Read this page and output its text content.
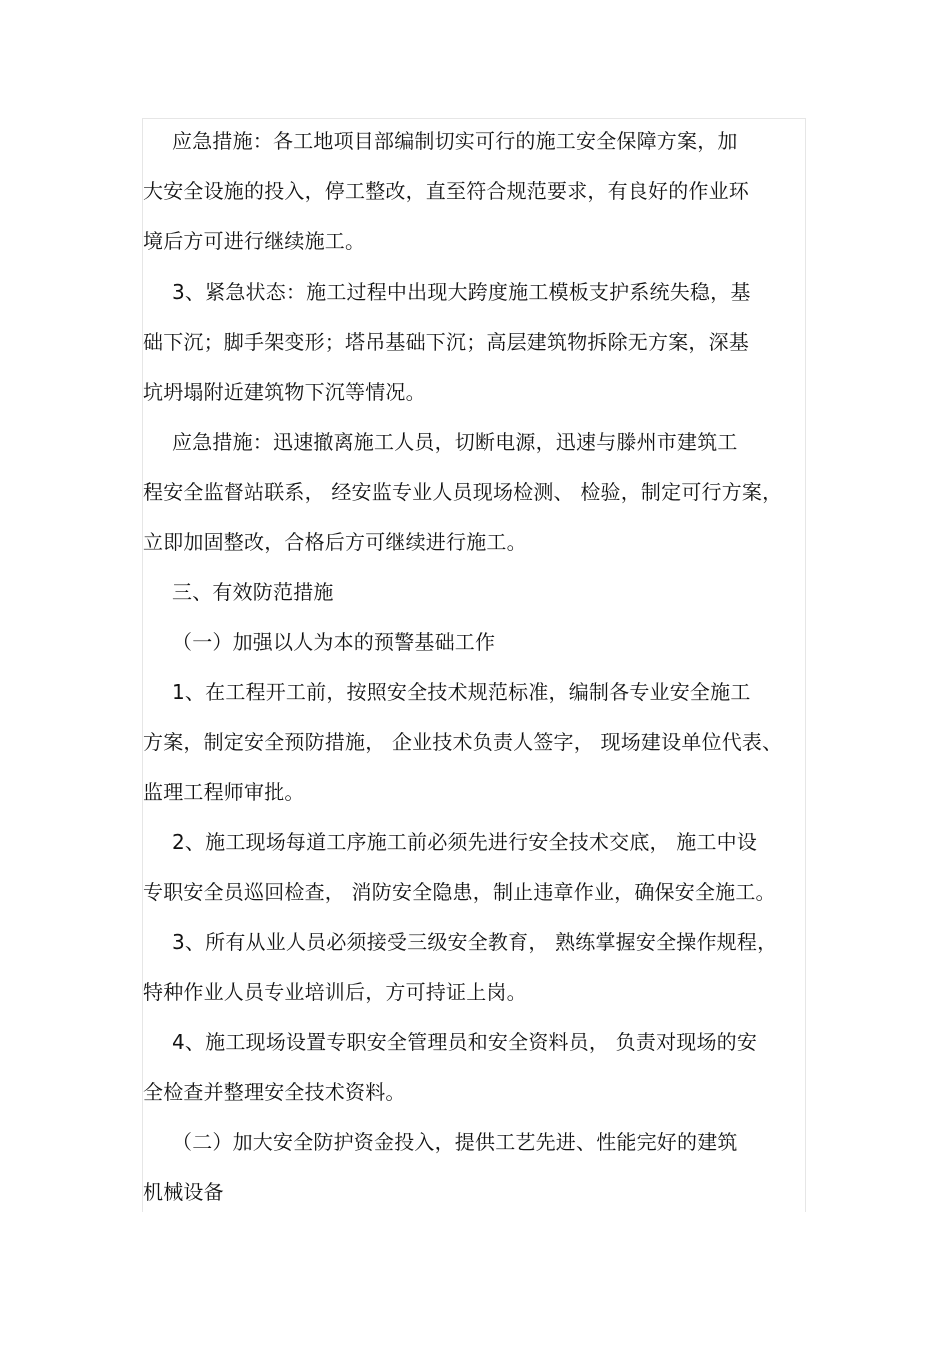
应急措施：各工地项目部编制切实可行的施工安全保障方案，加
大安全设施的投入，停工整改，直至符合规范要求，有良好的作业环
境后方可进行继续施工。
3、紧急状态：施工过程中出现大跨度施工模板支护系统失稳，基
础下沉；脚手架变形；塔吊基础下沉；高层建筑物拆除无方案，深基
坑坍塌附近建筑物下沉等情况。
应急措施：迅速撤离施工人员，切断电源，迅速与滕州市建筑工
程安全监督站联系， 经安监专业人员现场检测、 检验，制定可行方案，
立即加固整改，合格后方可继续进行施工。
三、有效防范措施
（一）加强以人为本的预警基础工作
1、在工程开工前，按照安全技术规范标准，编制各专业安全施工
方案，制定安全预防措施， 企业技术负责人签字， 现场建设单位代表、
监理工程师审批。
2、施工现场每道工序施工前必须先进行安全技术交底， 施工中设
专职安全员巡回检查， 消防安全隐患，制止违章作业，确保安全施工。
3、所有从业人员必须接受三级安全教育， 熟练掌握安全操作规程，
特种作业人员专业培训后，方可持证上岗。
4、施工现场设置专职安全管理员和安全资料员， 负责对现场的安
全检查并整理安全技术资料。
（二）加大安全防护资金投入，提供工艺先进、性能完好的建筑
机械设备
